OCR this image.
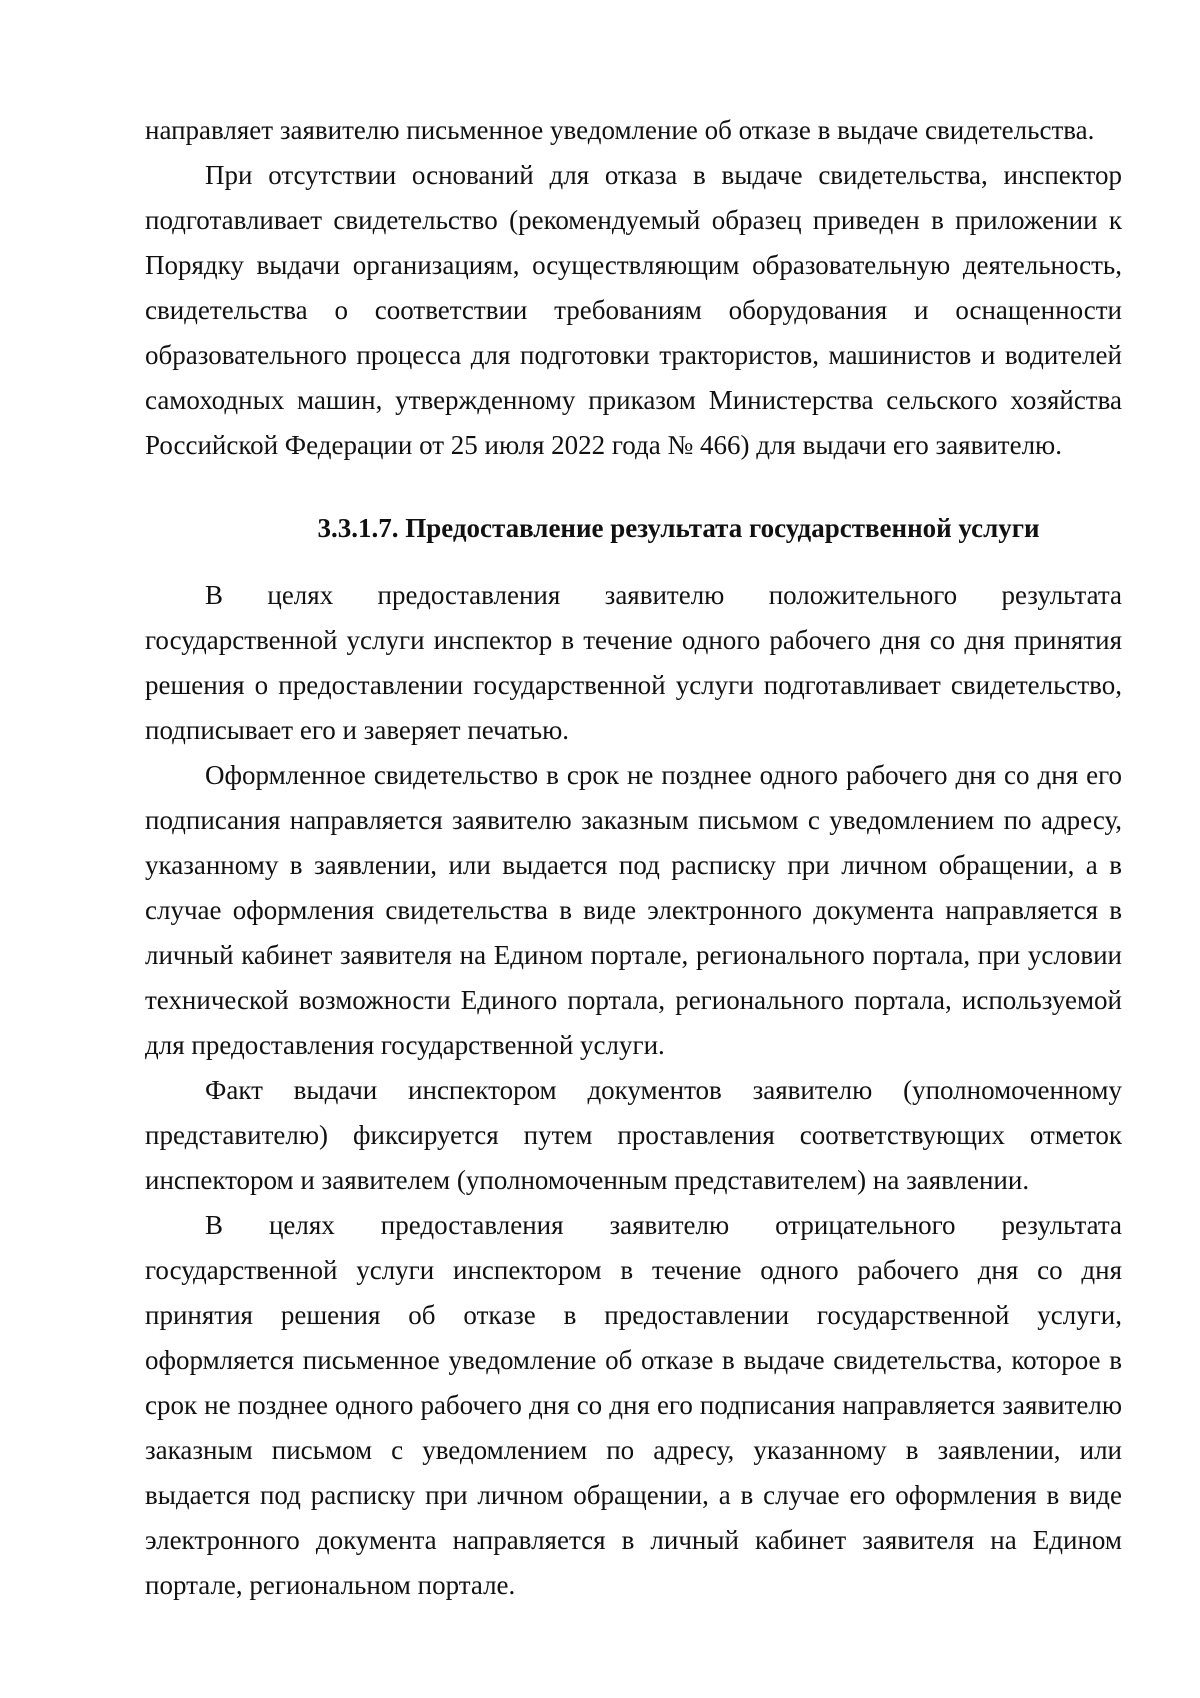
направляет заявителю письменное уведомление об отказе в выдаче свидетельства.

При отсутствии оснований для отказа в выдаче свидетельства, инспектор подготавливает свидетельство (рекомендуемый образец приведен в приложении к Порядку выдачи организациям, осуществляющим образовательную деятельность, свидетельства о соответствии требованиям оборудования и оснащенности образовательного процесса для подготовки трактористов, машинистов и водителей самоходных машин, утвержденному приказом Министерства сельского хозяйства Российской Федерации от 25 июля 2022 года № 466) для выдачи его заявителю.

3.3.1.7. Предоставление результата государственной услуги

В целях предоставления заявителю положительного результата государственной услуги инспектор в течение одного рабочего дня со дня принятия решения о предоставлении государственной услуги подготавливает свидетельство, подписывает его и заверяет печатью.

Оформленное свидетельство в срок не позднее одного рабочего дня со дня его подписания направляется заявителю заказным письмом с уведомлением по адресу, указанному в заявлении, или выдается под расписку при личном обращении, а в случае оформления свидетельства в виде электронного документа направляется в личный кабинет заявителя на Едином портале, регионального портала, при условии технической возможности Единого портала, регионального портала, используемой для предоставления государственной услуги.

Факт выдачи инспектором документов заявителю (уполномоченному представителю) фиксируется путем проставления соответствующих отметок инспектором и заявителем (уполномоченным представителем) на заявлении.

В целях предоставления заявителю отрицательного результата государственной услуги инспектором в течение одного рабочего дня со дня принятия решения об отказе в предоставлении государственной услуги, оформляется письменное уведомление об отказе в выдаче свидетельства, которое в срок не позднее одного рабочего дня со дня его подписания направляется заявителю заказным письмом с уведомлением по адресу, указанному в заявлении, или выдается под расписку при личном обращении, а в случае его оформления в виде электронного документа направляется в личный кабинет заявителя на Едином портале, региональном портале.
